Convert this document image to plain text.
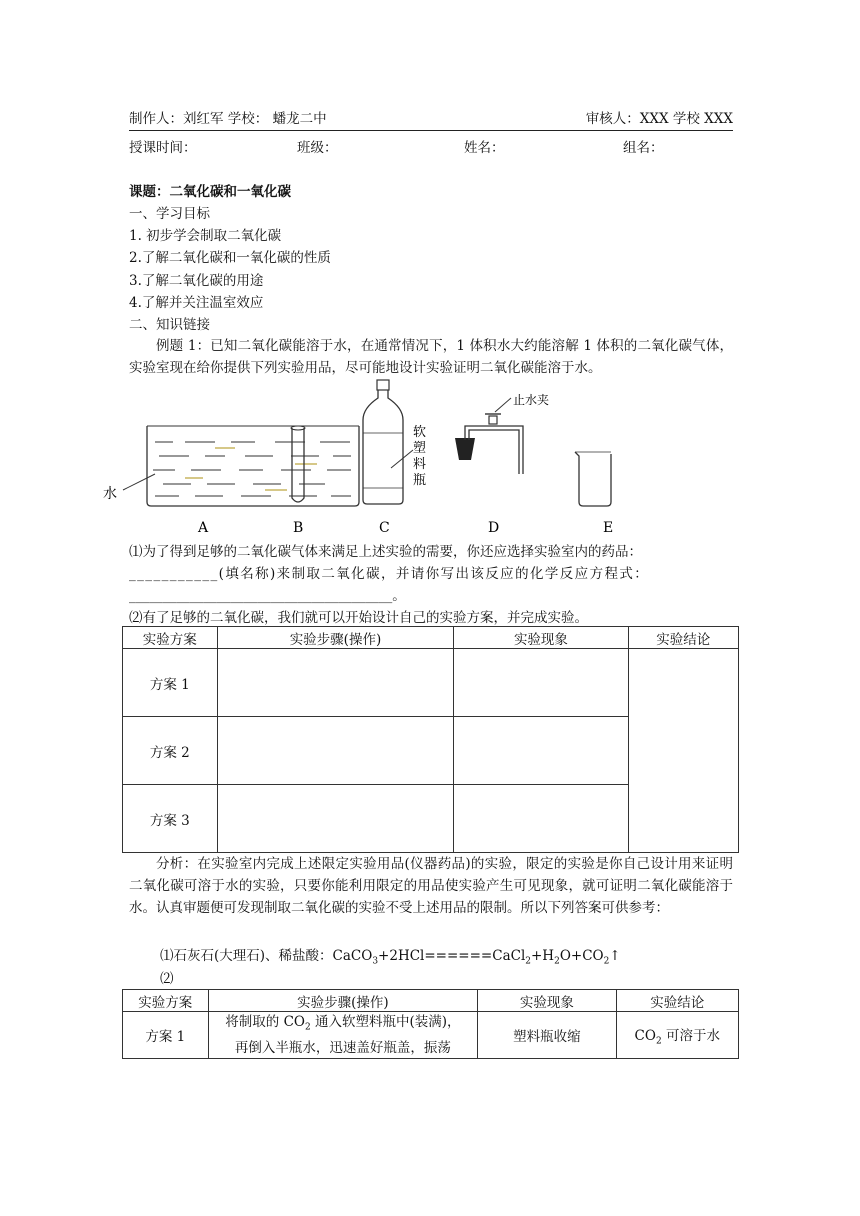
制作人：刘红军 学校： 蟠龙二中	审核人：XXX 学校 XXX
授课时间：	班级：	姓名：	组名：
课题：二氧化碳和一氧化碳
一、学习目标
1. 初步学会制取二氧化碳
2.了解二氧化碳和一氧化碳的性质
3.了解二氧化碳的用途
4.了解并关注温室效应
二、知识链接
例题 1：已知二氧化碳能溶于水，在通常情况下，1 体积水大约能溶解 1 体积的二氧化碳气体，实验室现在给你提供下列实验用品，尽可能地设计实验证明二氧化碳能溶于水。
水
软
塑
料
瓶
止水夹
A	B	C	D	E
⑴为了得到足够的二氧化碳气体来满足上述实验的需要，你还应选择实验室内的药品：
___________(填名称)来制取二氧化碳，并请你写出该反应的化学反应方程式：
_______________________________________。
⑵有了足够的二氧化碳，我们就可以开始设计自己的实验方案，并完成实验。
实验方案	实验步骤(操作)	实验现象	实验结论
方案 1			
方案 2			
方案 3			
分析：在实验室内完成上述限定实验用品(仪器药品)的实验，限定的实验是你自己设计用来证明二氧化碳可溶于水的实验，只要你能利用限定的用品使实验产生可见现象，就可证明二氧化碳能溶于水。认真审题便可发现制取二氧化碳的实验不受上述用品的限制。所以下列答案可供参考：
⑴石灰石(大理石)、稀盐酸：$CaCO_3+2HCl======CaCl_2+H_2O+CO_2↑$
⑵
实验方案	实验步骤(操作)	实验现象	实验结论
方案 1	将制取的 $CO_2$ 通入软塑料瓶中(装满)，
再倒入半瓶水，迅速盖好瓶盖，振荡	塑料瓶收缩	$CO_2$ 可溶于水
